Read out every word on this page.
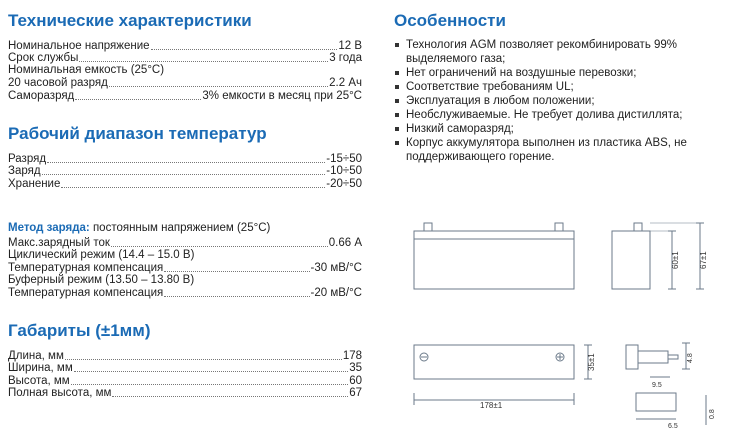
Технические характеристики
Номинальное напряжение	12 В
Срок службы	3 года
Номинальная емкость (25°С)
20 часовой разряд	2.2 Ач
Саморазряд	3% емкости в месяц при 25°С
Рабочий диапазон температур
Разряд	-15÷50
Заряд	-10÷50
Хранение	-20÷50
Метод заряда: постоянным напряжением (25°С)
Макс.зарядный ток	0.66 А
Циклический режим (14.4 – 15.0 В)
Температурная компенсация	-30 мВ/°С
Буферный режим (13.50 – 13.80 В)
Температурная компенсация	-20 мВ/°С
Габариты (±1мм)
Длина, мм	178
Ширина, мм	35
Высота, мм	60
Полная высота, мм	67
Особенности
Технология AGM позволяет рекомбинировать 99% выделяемого газа;
Нет ограничений на воздушные перевозки;
Соответствие требованиям UL;
Эксплуатация в любом положении;
Необслуживаемые. Не требует долива дистиллята;
Низкий саморазряд;
Корпус аккумулятора выполнен из пластика ABS, не поддерживающего горение.
60±1 67±1
35±1
178±1
4.8
9.5
6.5
0.8
